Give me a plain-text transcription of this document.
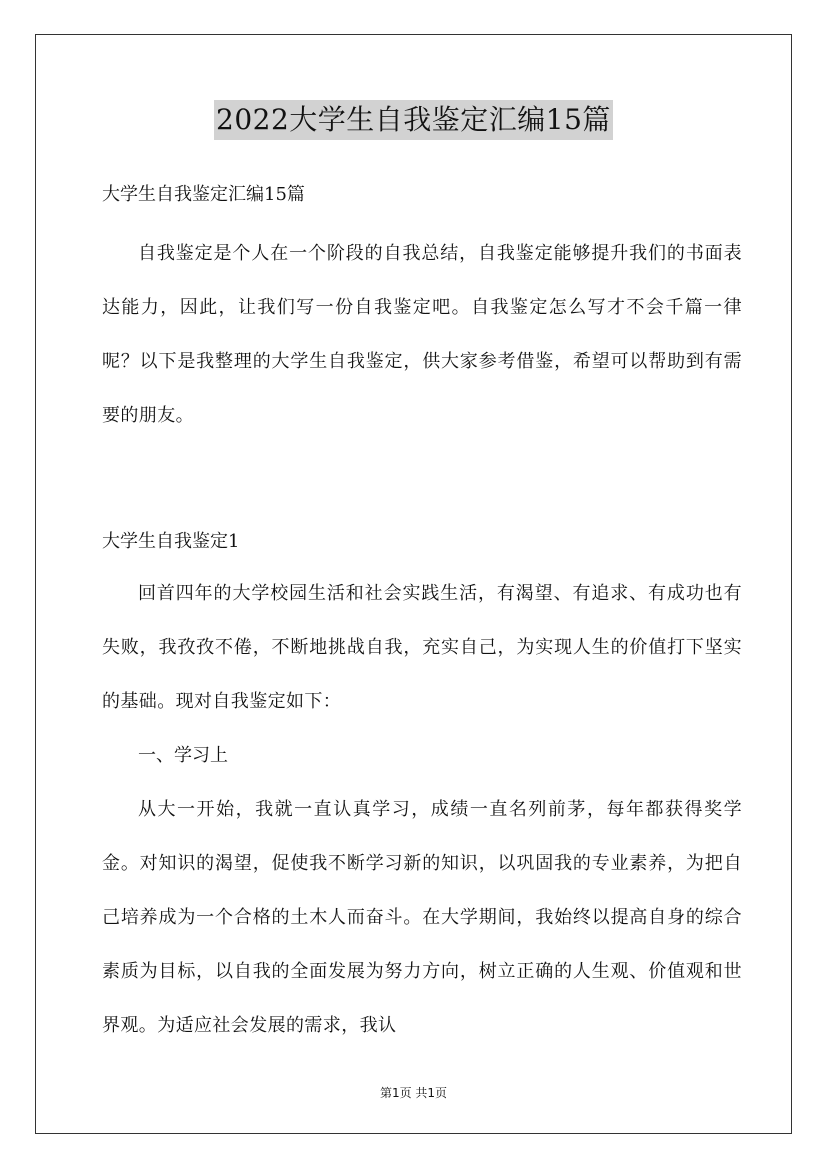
2022大学生自我鉴定汇编15篇
大学生自我鉴定汇编15篇

自我鉴定是个人在一个阶段的自我总结，自我鉴定能够提升我们的书面表达能力，因此，让我们写一份自我鉴定吧。自我鉴定怎么写才不会千篇一律呢？以下是我整理的大学生自我鉴定，供大家参考借鉴，希望可以帮助到有需要的朋友。

大学生自我鉴定1

回首四年的大学校园生活和社会实践生活，有渴望、有追求、有成功也有失败，我孜孜不倦，不断地挑战自我，充实自己，为实现人生的价值打下坚实的基础。现对自我鉴定如下：

一、学习上

从大一开始，我就一直认真学习，成绩一直名列前茅，每年都获得奖学金。对知识的渴望，促使我不断学习新的知识，以巩固我的专业素养，为把自己培养成为一个合格的土木人而奋斗。在大学期间，我始终以提高自身的综合素质为目标，以自我的全面发展为努力方向，树立正确的人生观、价值观和世界观。为适应社会发展的需求，我认

第1页 共1页
